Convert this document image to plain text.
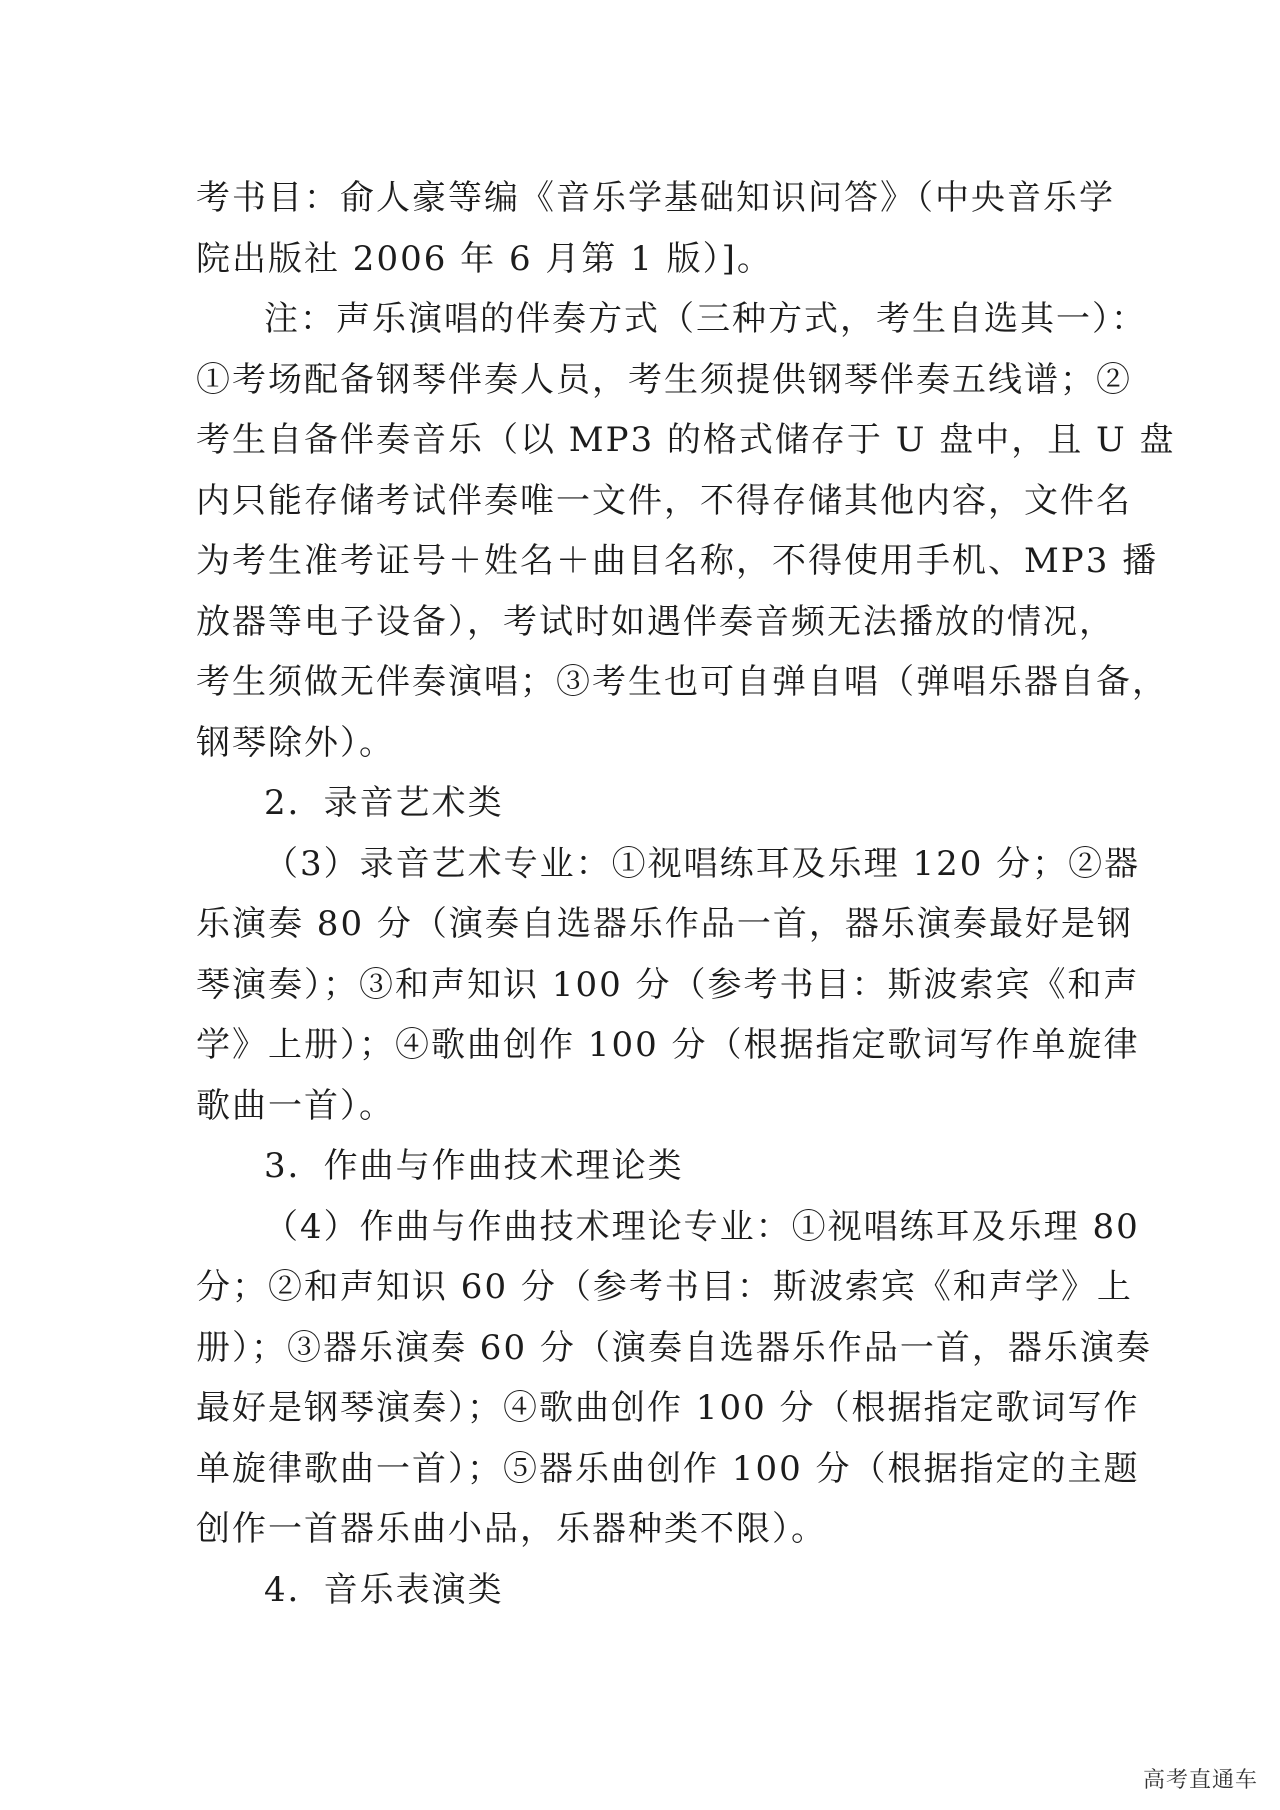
考书目：俞人豪等编《音乐学基础知识问答》（中央音乐学
院出版社 2006 年 6 月第 1 版）]。
注：声乐演唱的伴奏方式（三种方式，考生自选其一）：
①考场配备钢琴伴奏人员，考生须提供钢琴伴奏五线谱；②
考生自备伴奏音乐（以 MP3 的格式储存于 U 盘中，且 U 盘
内只能存储考试伴奏唯一文件，不得存储其他内容，文件名
为考生准考证号＋姓名＋曲目名称，不得使用手机、MP3 播
放器等电子设备），考试时如遇伴奏音频无法播放的情况，
考生须做无伴奏演唱；③考生也可自弹自唱（弹唱乐器自备，
钢琴除外）。
2．录音艺术类
（3）录音艺术专业：①视唱练耳及乐理 120 分；②器
乐演奏 80 分（演奏自选器乐作品一首，器乐演奏最好是钢
琴演奏）；③和声知识 100 分（参考书目：斯波索宾《和声
学》上册）；④歌曲创作 100 分（根据指定歌词写作单旋律
歌曲一首）。
3．作曲与作曲技术理论类
（4）作曲与作曲技术理论专业：①视唱练耳及乐理 80
分；②和声知识 60 分（参考书目：斯波索宾《和声学》上
册）；③器乐演奏 60 分（演奏自选器乐作品一首，器乐演奏
最好是钢琴演奏）；④歌曲创作 100 分（根据指定歌词写作
单旋律歌曲一首）；⑤器乐曲创作 100 分（根据指定的主题
创作一首器乐曲小品，乐器种类不限）。
4．音乐表演类
高考直通车
